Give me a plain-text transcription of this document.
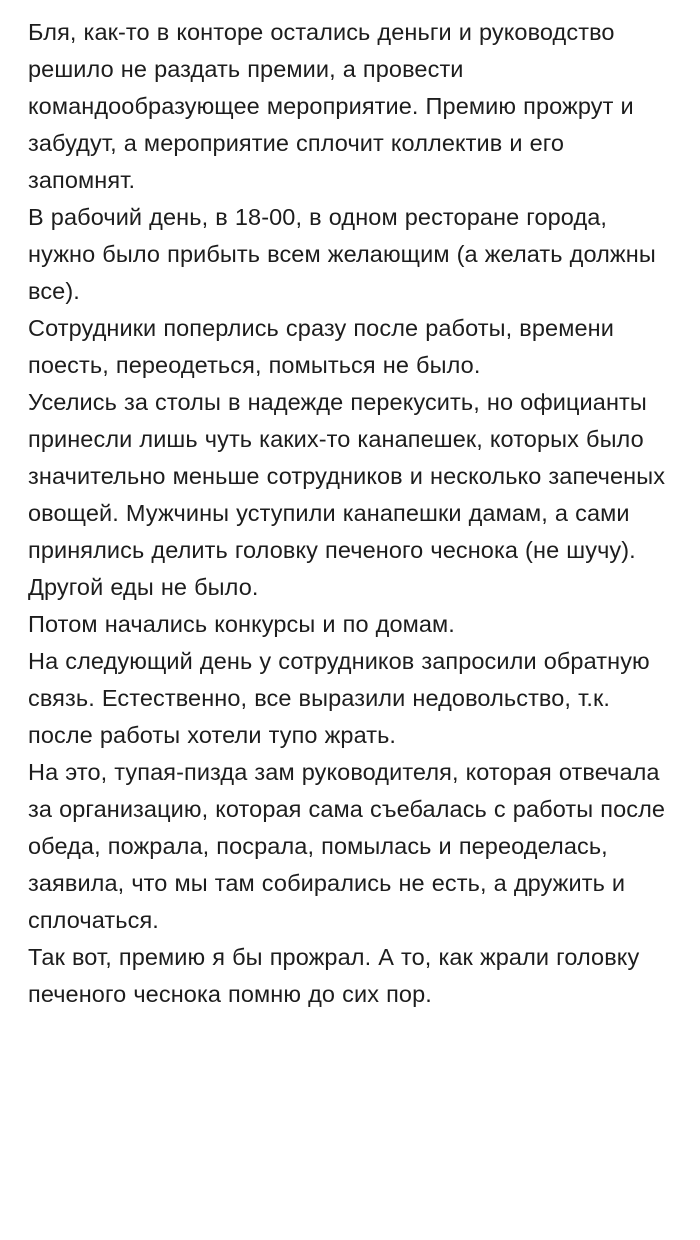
Бля, как-то в конторе остались деньги и руководство решило не раздать премии, а провести командообразующее мероприятие. Премию прожрут и забудут, а мероприятие сплочит коллектив и его запомнят.

В рабочий день, в 18-00, в одном ресторане города, нужно было прибыть всем желающим (а желать должны все).

Сотрудники поперлись сразу после работы, времени поесть, переодеться, помыться не было.

Уселись за столы в надежде перекусить, но официанты принесли лишь чуть каких-то канапешек, которых было значительно меньше сотрудников и несколько запеченых овощей. Мужчины уступили канапешки дамам, а сами принялись делить головку печеного чеснока (не шучу). Другой еды не было.

Потом начались конкурсы и по домам.

На следующий день у сотрудников запросили обратную связь. Естественно, все выразили недовольство, т.к. после работы хотели тупо жрать.

На это, тупая-пизда зам руководителя, которая отвечала за организацию, которая сама съебалась с работы после обеда, пожрала, посрала, помылась и переоделась, заявила, что мы там собирались не есть, а дружить и сплочаться.

Так вот, премию я бы прожрал. А то, как жрали головку печеного чеснока помню до сих пор.
